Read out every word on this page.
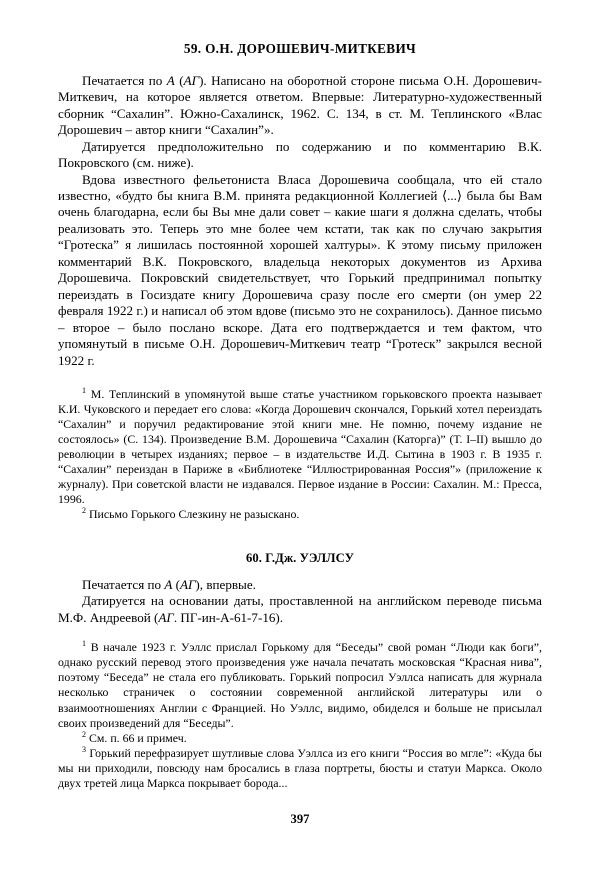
59. О.Н. ДОРОШЕВИЧ-МИТКЕВИЧ

Печатается по А (АГ). Написано на оборотной стороне письма О.Н. Дорошевич-Миткевич, на которое является ответом. Впервые: Литературно-художественный сборник “Сахалин”. Южно-Сахалинск, 1962. С. 134, в ст. М. Теплинского «Влас Дорошевич – автор книги “Сахалин”».

Датируется предположительно по содержанию и по комментарию В.К. Покровского (см. ниже).

Вдова известного фельетониста Власа Дорошевича сообщала, что ей стало известно, «будто бы книга В.М. принята редакционной Коллегией ⟨...⟩ была бы Вам очень благодарна, если бы Вы мне дали совет – какие шаги я должна сделать, чтобы реализовать это. Теперь это мне более чем кстати, так как по случаю закрытия “Гротеска” я лишилась постоянной хорошей халтуры». К этому письму приложен комментарий В.К. Покровского, владельца некоторых документов из Архива Дорошевича. Покровский свидетельствует, что Горький предпринимал попытку переиздать в Госиздате книгу Дорошевича сразу после его смерти (он умер 22 февраля 1922 г.) и написал об этом вдове (письмо это не сохранилось). Данное письмо – второе – было послано вскоре. Дата его подтверждается и тем фактом, что упомянутый в письме О.Н. Дорошевич-Миткевич театр “Гротеск” закрылся весной 1922 г.

$^1$ М. Теплинский в упомянутой выше статье участником горьковского проекта называет К.И. Чуковского и передает его слова: «Когда Дорошевич скончался, Горький хотел переиздать “Сахалин” и поручил редактирование этой книги мне. Не помню, почему издание не состоялось» (С. 134). Произведение В.М. Дорошевича “Сахалин (Каторга)” (Т. I–II) вышло до революции в четырех изданиях; первое – в издательстве И.Д. Сытина в 1903 г. В 1935 г. “Сахалин” переиздан в Париже в «Библиотеке “Иллюстрированная Россия”» (приложение к журналу). При советской власти не издавался. Первое издание в России: Сахалин. М.: Пресса, 1996.

$^2$ Письмо Горького Слезкину не разыскано.

60. Г.Дж. УЭЛЛСУ

Печатается по А (АГ), впервые.

Датируется на основании даты, проставленной на английском переводе письма М.Ф. Андреевой (АГ. ПГ-ин-А-61-7-16).

$^1$ В начале 1923 г. Уэллс прислал Горькому для “Беседы” свой роман “Люди как боги”, однако русский перевод этого произведения уже начала печатать московская “Красная нива”, поэтому “Беседа” не стала его публиковать. Горький попросил Уэллса написать для журнала несколько страничек о состоянии современной английской литературы или о взаимоотношениях Англии с Францией. Но Уэллс, видимо, обиделся и больше не присылал своих произведений для “Беседы”.

$^2$ См. п. 66 и примеч.

$^3$ Горький перефразирует шутливые слова Уэллса из его книги “Россия во мгле”: «Куда бы мы ни приходили, повсюду нам бросались в глаза портреты, бюсты и статуи Маркса. Около двух третей лица Маркса покрывает борода...

397
